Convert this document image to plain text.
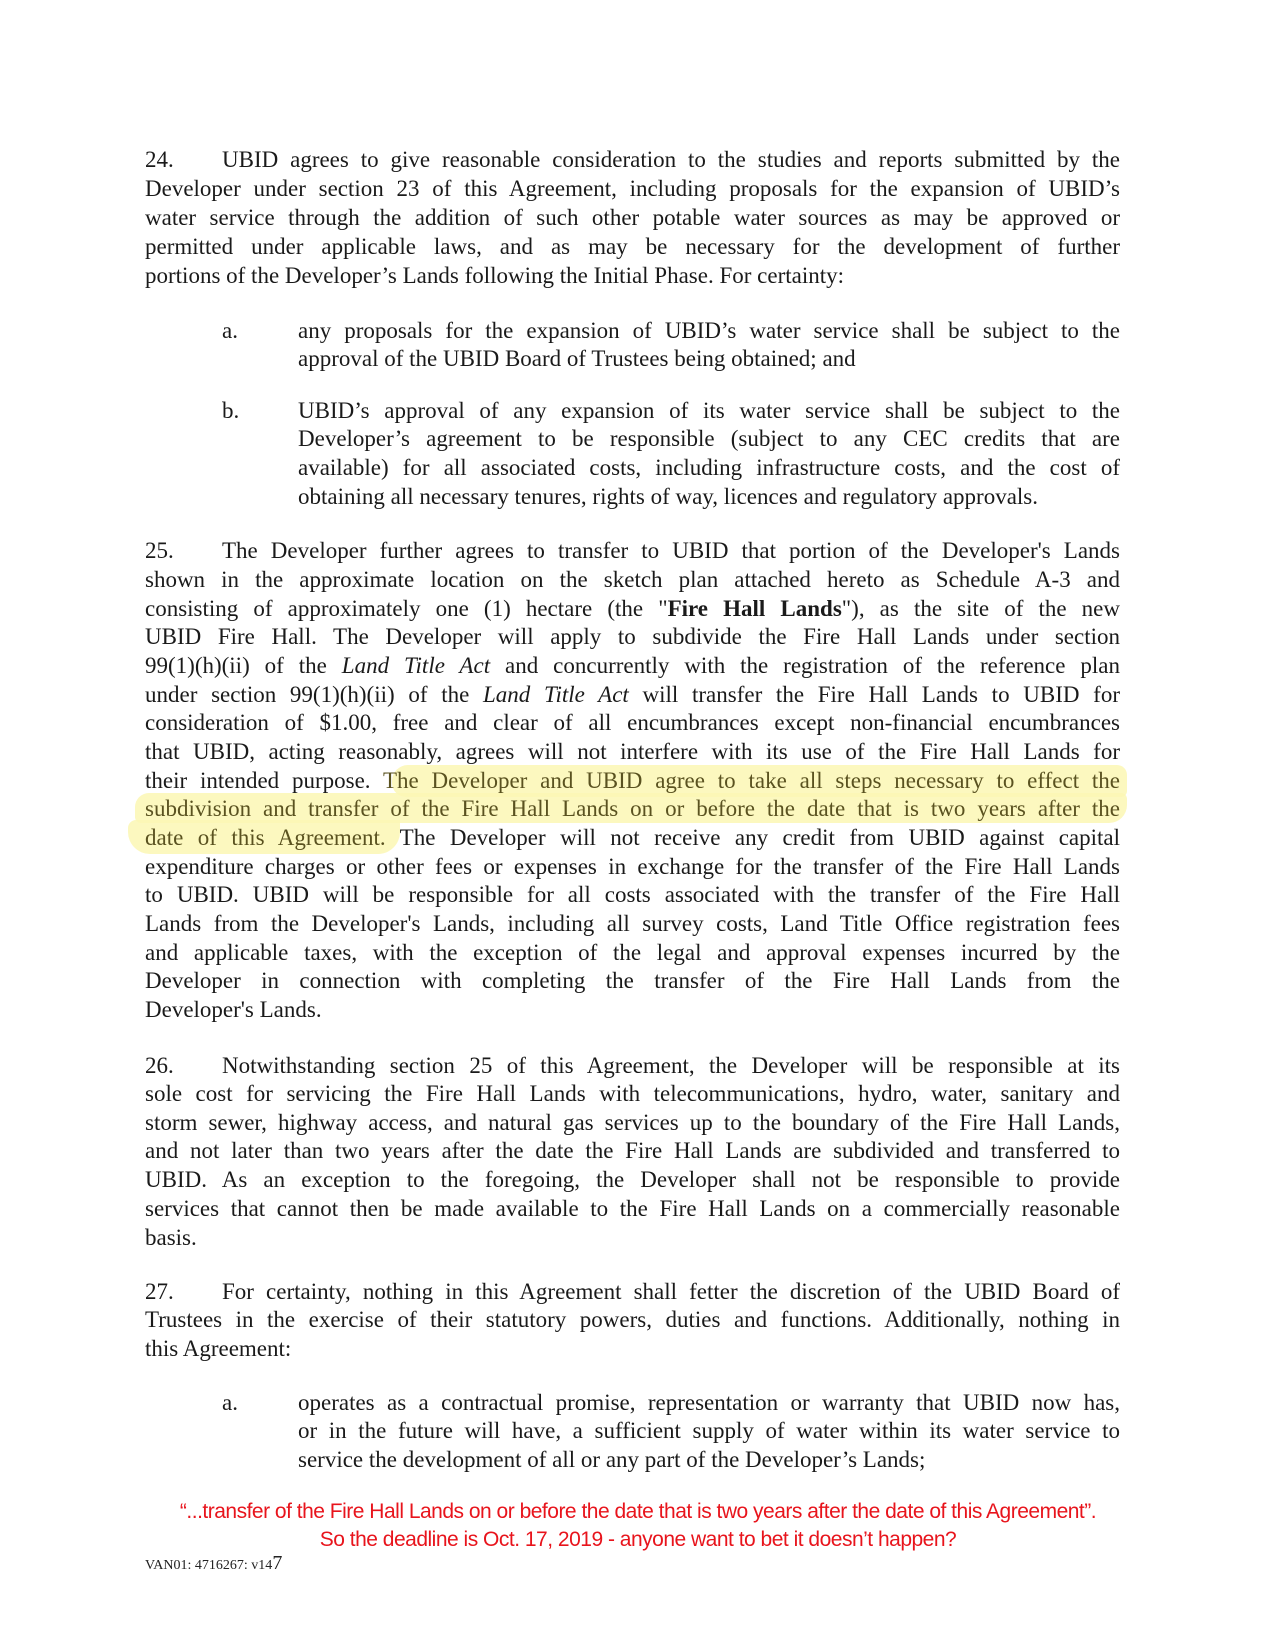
24. UBID agrees to give reasonable consideration to the studies and reports submitted by the
Developer under section 23 of this Agreement, including proposals for the expansion of UBID’s
water service through the addition of such other potable water sources as may be approved or
permitted under applicable laws, and as may be necessary for the development of further
portions of the Developer’s Lands following the Initial Phase. For certainty:
a.	any proposals for the expansion of UBID’s water service shall be subject to the
approval of the UBID Board of Trustees being obtained; and
b.	UBID’s approval of any expansion of its water service shall be subject to the
Developer’s agreement to be responsible (subject to any CEC credits that are
available) for all associated costs, including infrastructure costs, and the cost of
obtaining all necessary tenures, rights of way, licences and regulatory approvals.
25. The Developer further agrees to transfer to UBID that portion of the Developer's Lands
shown in the approximate location on the sketch plan attached hereto as Schedule A-3 and
consisting of approximately one (1) hectare (the "Fire Hall Lands"), as the site of the new
UBID Fire Hall. The Developer will apply to subdivide the Fire Hall Lands under section
99(1)(h)(ii) of the Land Title Act and concurrently with the registration of the reference plan
under section 99(1)(h)(ii) of the Land Title Act will transfer the Fire Hall Lands to UBID for
consideration of $1.00, free and clear of all encumbrances except non-financial encumbrances
that UBID, acting reasonably, agrees will not interfere with its use of the Fire Hall Lands for
their intended purpose. The Developer and UBID agree to take all steps necessary to effect the
subdivision and transfer of the Fire Hall Lands on or before the date that is two years after the
date of this Agreement. The Developer will not receive any credit from UBID against capital
expenditure charges or other fees or expenses in exchange for the transfer of the Fire Hall Lands
to UBID. UBID will be responsible for all costs associated with the transfer of the Fire Hall
Lands from the Developer's Lands, including all survey costs, Land Title Office registration fees
and applicable taxes, with the exception of the legal and approval expenses incurred by the
Developer in connection with completing the transfer of the Fire Hall Lands from the
Developer's Lands.
26. Notwithstanding section 25 of this Agreement, the Developer will be responsible at its
sole cost for servicing the Fire Hall Lands with telecommunications, hydro, water, sanitary and
storm sewer, highway access, and natural gas services up to the boundary of the Fire Hall Lands,
and not later than two years after the date the Fire Hall Lands are subdivided and transferred to
UBID. As an exception to the foregoing, the Developer shall not be responsible to provide
services that cannot then be made available to the Fire Hall Lands on a commercially reasonable
basis.
27. For certainty, nothing in this Agreement shall fetter the discretion of the UBID Board of
Trustees in the exercise of their statutory powers, duties and functions. Additionally, nothing in
this Agreement:
a.	operates as a contractual promise, representation or warranty that UBID now has,
or in the future will have, a sufficient supply of water within its water service to
service the development of all or any part of the Developer’s Lands;
“...transfer of the Fire Hall Lands on or before the date that is two years after the date of this Agreement”.
So the deadline is Oct. 17, 2019 - anyone want to bet it doesn’t happen?
VAN01: 4716267: v147
